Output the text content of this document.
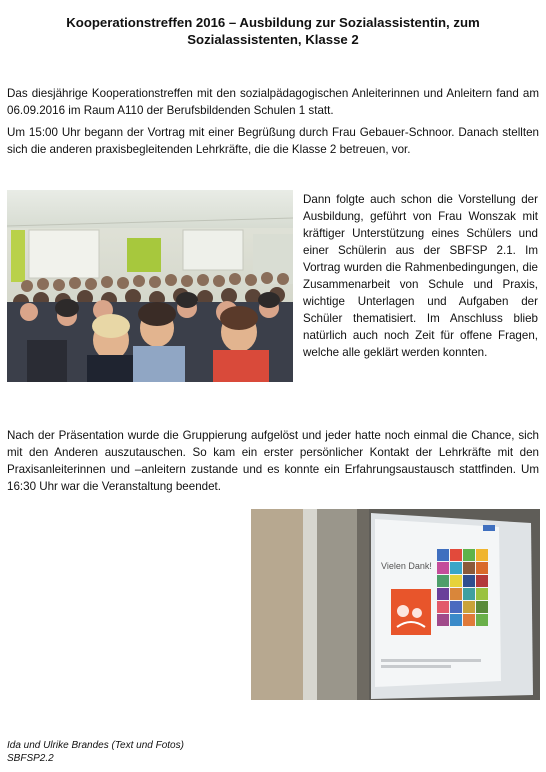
Kooperationstreffen 2016 – Ausbildung zur Sozialassistentin, zum
Sozialassistenten, Klasse 2

Das diesjährige Kooperationstreffen mit den sozialpädagogischen Anleiterinnen und Anleitern fand am 06.09.2016 im Raum A110 der Berufsbildenden Schulen 1 statt.

Um 15:00 Uhr begann der Vortrag mit einer Begrüßung durch Frau Gebauer-Schnoor. Danach stellten sich die anderen praxisbegleitenden Lehrkräfte, die die Klasse 2 betreuen, vor.

Dann folgte auch schon die Vorstellung der Ausbildung, geführt von Frau Wonszak mit kräftiger Unterstützung eines Schülers und einer Schülerin aus der SBFSP 2.1. Im Vortrag wurden die Rahmenbedingungen, die Zusammenarbeit von Schule und Praxis, wichtige Unterlagen und Aufgaben der Schüler thematisiert. Im Anschluss blieb natürlich auch noch Zeit für offene Fragen, welche alle geklärt werden konnten.

Nach der Präsentation wurde die Gruppierung aufgelöst und jeder hatte noch einmal die Chance, sich mit den Anderen auszutauschen. So kam ein erster persönlicher Kontakt der Lehrkräfte mit den Praxisanleiterinnen und –anleitern zustande und es konnte ein Erfahrungsaustausch stattfinden. Um 16:30 Uhr war die Veranstaltung beendet.

Vielen Dank!
Ida und Ulrike Brandes (Text und Fotos)
SBFSP2.2
